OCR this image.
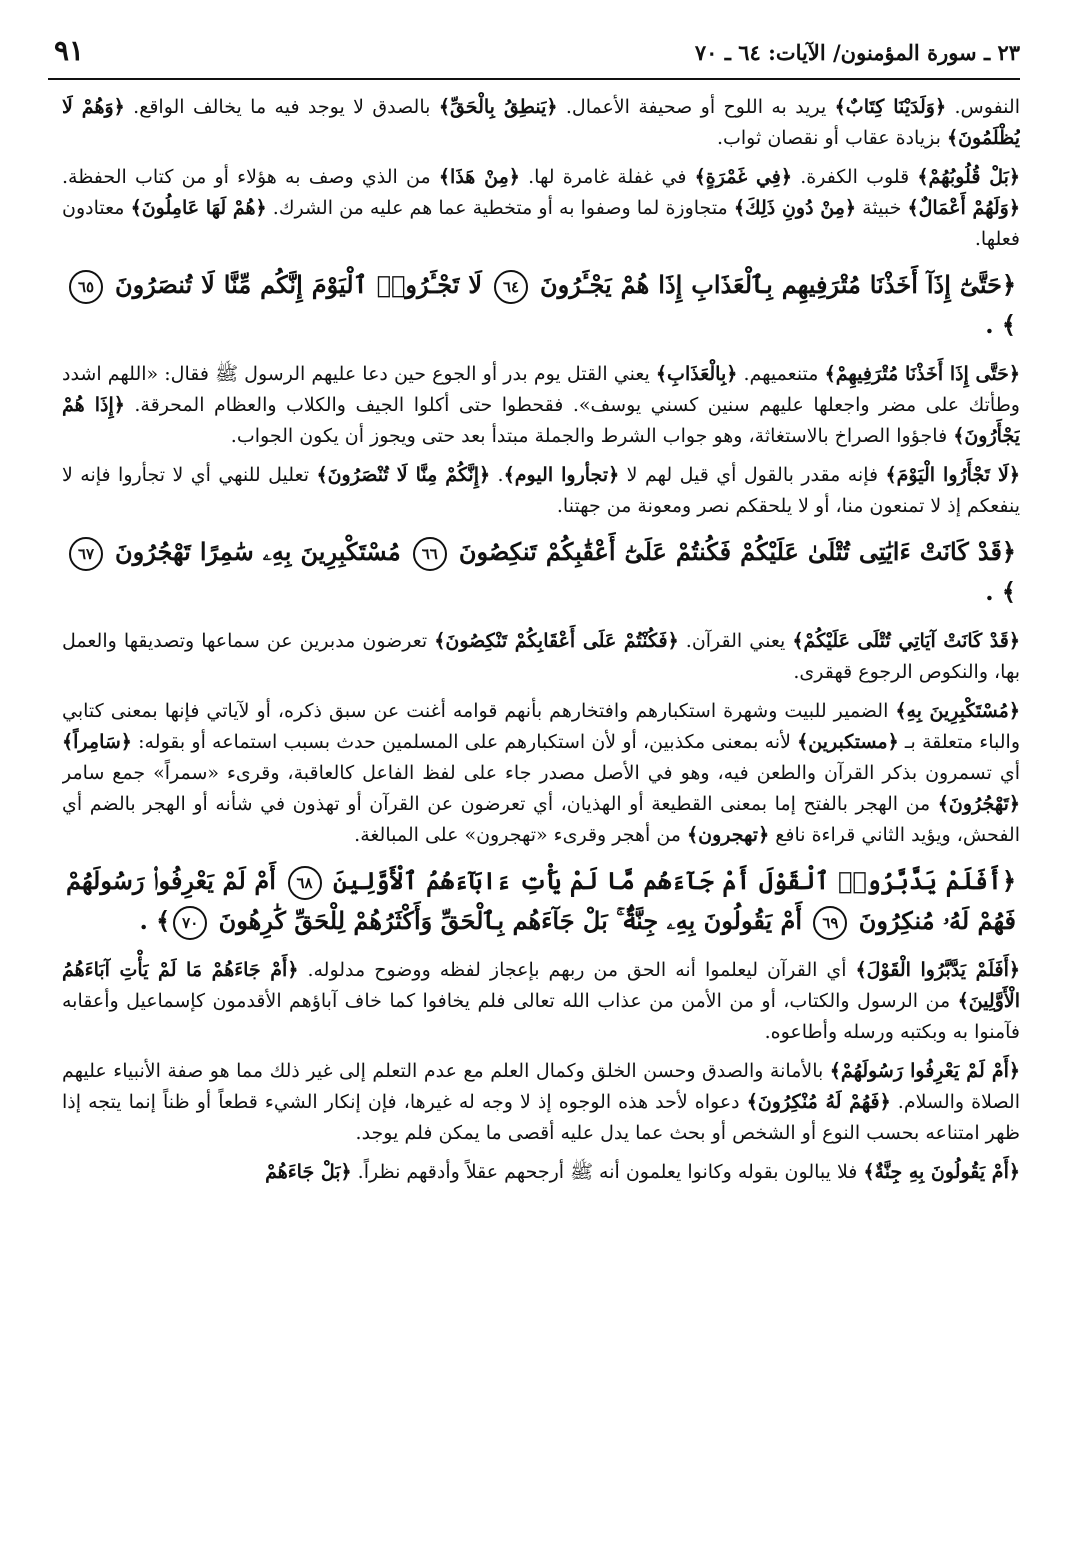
٢٣ ـ سورة المؤمنون/ الآيات: ٦٤ ـ ٧٠
٩١

النفوس. ﴿وَلَدَيْنَا كِتَابٌ﴾ يريد به اللوح أو صحيفة الأعمال. ﴿يَنطِقُ بِالْحَقِّ﴾ بالصدق لا يوجد فيه ما يخالف الواقع. ﴿وَهُمْ لَا يُظْلَمُونَ﴾ بزيادة عقاب أو نقصان ثواب.

﴿بَلْ قُلُوبُهُمْ﴾ قلوب الكفرة. ﴿فِي غَمْرَةٍ﴾ في غفلة غامرة لها. ﴿مِنْ هَذَا﴾ من الذي وصف به هؤلاء أو من كتاب الحفظة. ﴿وَلَهُمْ أَعْمَالٌ﴾ خبيثة ﴿مِنْ دُونِ ذَلِكَ﴾ متجاوزة لما وصفوا به أو متخطية عما هم عليه من الشرك. ﴿هُمْ لَهَا عَامِلُونَ﴾ معتادون فعلها.

﴿حَتَّىٰٓ إِذَآ أَخَذْنَا مُتْرَفِيهِم بِٱلْعَذَابِ إِذَا هُمْ يَجْـَٔرُونَ ٦٤ لَا تَجْـَٔرُوا۟ ٱلْيَوْمَ إِنَّكُم مِّنَّا لَا تُنصَرُونَ ٦٥﴾ .

﴿حَتَّى إِذَا أَخَذْنَا مُتْرَفِيهِمْ﴾ متنعميهم. ﴿بِالْعَذَابِ﴾ يعني القتل يوم بدر أو الجوع حين دعا عليهم الرسول ﷺ فقال: «اللهم اشدد وطأتك على مضر واجعلها عليهم سنين كسني يوسف». فقحطوا حتى أكلوا الجيف والكلاب والعظام المحرقة. ﴿إِذَا هُمْ يَجْأَرُونَ﴾ فاجؤوا الصراخ بالاستغاثة، وهو جواب الشرط والجملة مبتدأ بعد حتى ويجوز أن يكون الجواب.

﴿لَا تَجْأَرُوا الْيَوْمَ﴾ فإنه مقدر بالقول أي قيل لهم لا ﴿تجأروا اليوم﴾. ﴿إِنَّكُمْ مِنَّا لَا تُنْصَرُونَ﴾ تعليل للنهي أي لا تجأروا فإنه لا ينفعكم إذ لا تمنعون منا، أو لا يلحقكم نصر ومعونة من جهتنا.

﴿قَدْ كَانَتْ ءَايَٰتِى تُتْلَىٰ عَلَيْكُمْ فَكُنتُمْ عَلَىٰٓ أَعْقَٰبِكُمْ تَنكِصُونَ ٦٦ مُسْتَكْبِرِينَ بِهِۦ سَٰمِرًا تَهْجُرُونَ ٦٧﴾ .

﴿قَدْ كَانَتْ آيَاتِي تُتْلَى عَلَيْكُمْ﴾ يعني القرآن. ﴿فَكُنْتُمْ عَلَى أَعْقَابِكُمْ تَنْكِصُونَ﴾ تعرضون مدبرين عن سماعها وتصديقها والعمل بها، والنكوص الرجوع قهقرى.

﴿مُسْتَكْبِرِينَ بِهِ﴾ الضمير للبيت وشهرة استكبارهم وافتخارهم بأنهم قوامه أغنت عن سبق ذكره، أو لآياتي فإنها بمعنى كتابي والباء متعلقة بـ ﴿مستكبرين﴾ لأنه بمعنى مكذبين، أو لأن استكبارهم على المسلمين حدث بسبب استماعه أو بقوله: ﴿سَامِراً﴾ أي تسمرون بذكر القرآن والطعن فيه، وهو في الأصل مصدر جاء على لفظ الفاعل كالعاقبة، وقرىء «سمراً» جمع سامر ﴿تَهْجُرُونَ﴾ من الهجر بالفتح إما بمعنى القطيعة أو الهذيان، أي تعرضون عن القرآن أو تهذون في شأنه أو الهجر بالضم أي الفحش، ويؤيد الثاني قراءة نافع ﴿تهجرون﴾ من أهجر وقرىء «تهجرون» على المبالغة.

﴿أَفَلَمْ يَدَّبَّرُوا۟ ٱلْقَوْلَ أَمْ جَآءَهُم مَّا لَمْ يَأْتِ ءَابَآءَهُمُ ٱلْأَوَّلِينَ ٦٨ أَمْ لَمْ يَعْرِفُوا۟ رَسُولَهُمْ فَهُمْ لَهُۥ مُنكِرُونَ ٦٩ أَمْ يَقُولُونَ بِهِۦ جِنَّةٌۢ ۚ بَلْ جَآءَهُم بِٱلْحَقِّ وَأَكْثَرُهُمْ لِلْحَقِّ كَٰرِهُونَ ٧٠﴾ .

﴿أَفَلَمْ يَدَّبَّرُوا الْقَوْلَ﴾ أي القرآن ليعلموا أنه الحق من ربهم بإعجاز لفظه ووضوح مدلوله. ﴿أَمْ جَاءَهُمْ مَا لَمْ يَأْتِ آبَاءَهُمُ الْأَوَّلِينَ﴾ من الرسول والكتاب، أو من الأمن من عذاب الله تعالى فلم يخافوا كما خاف آباؤهم الأقدمون كإسماعيل وأعقابه فآمنوا به وبكتبه ورسله وأطاعوه.

﴿أَمْ لَمْ يَعْرِفُوا رَسُولَهُمْ﴾ بالأمانة والصدق وحسن الخلق وكمال العلم مع عدم التعلم إلى غير ذلك مما هو صفة الأنبياء عليهم الصلاة والسلام. ﴿فَهُمْ لَهُ مُنْكِرُونَ﴾ دعواه لأحد هذه الوجوه إذ لا وجه له غيرها، فإن إنكار الشيء قطعاً أو ظناً إنما يتجه إذا ظهر امتناعه بحسب النوع أو الشخص أو بحث عما يدل عليه أقصى ما يمكن فلم يوجد.

﴿أَمْ يَقُولُونَ بِهِ جِنَّةٌ﴾ فلا يبالون بقوله وكانوا يعلمون أنه ﷺ أرجحهم عقلاً وأدقهم نظراً. ﴿بَلْ جَاءَهُمْ
